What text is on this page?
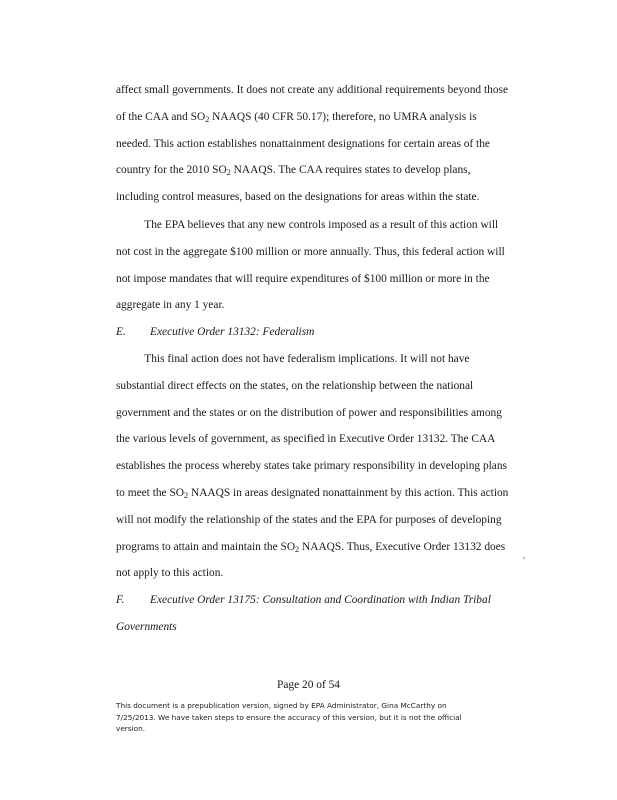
affect small governments. It does not create any additional requirements beyond those

of the CAA and $SO_2$ NAAQS (40 CFR 50.17); therefore, no UMRA analysis is

needed. This action establishes nonattainment designations for certain areas of the

country for the 2010 $SO_2$ NAAQS. The CAA requires states to develop plans,

including control measures, based on the designations for areas within the state.

The EPA believes that any new controls imposed as a result of this action will

not cost in the aggregate $100 million or more annually. Thus, this federal action will

not impose mandates that will require expenditures of $100 million or more in the

aggregate in any 1 year.

E. Executive Order 13132: Federalism

This final action does not have federalism implications. It will not have

substantial direct effects on the states, on the relationship between the national

government and the states or on the distribution of power and responsibilities among

the various levels of government, as specified in Executive Order 13132. The CAA

establishes the process whereby states take primary responsibility in developing plans

to meet the $SO_2$ NAAQS in areas designated nonattainment by this action. This action

will not modify the relationship of the states and the EPA for purposes of developing

programs to attain and maintain the $SO_2$ NAAQS. Thus, Executive Order 13132 does

not apply to this action.

F. Executive Order 13175: Consultation and Coordination with Indian Tribal
Governments
,
Page 20 of 54

This document is a prepublication version, signed by EPA Administrator, Gina McCarthy on

7/25/2013. We have taken steps to ensure the accuracy of this version, but it is not the official

version.
